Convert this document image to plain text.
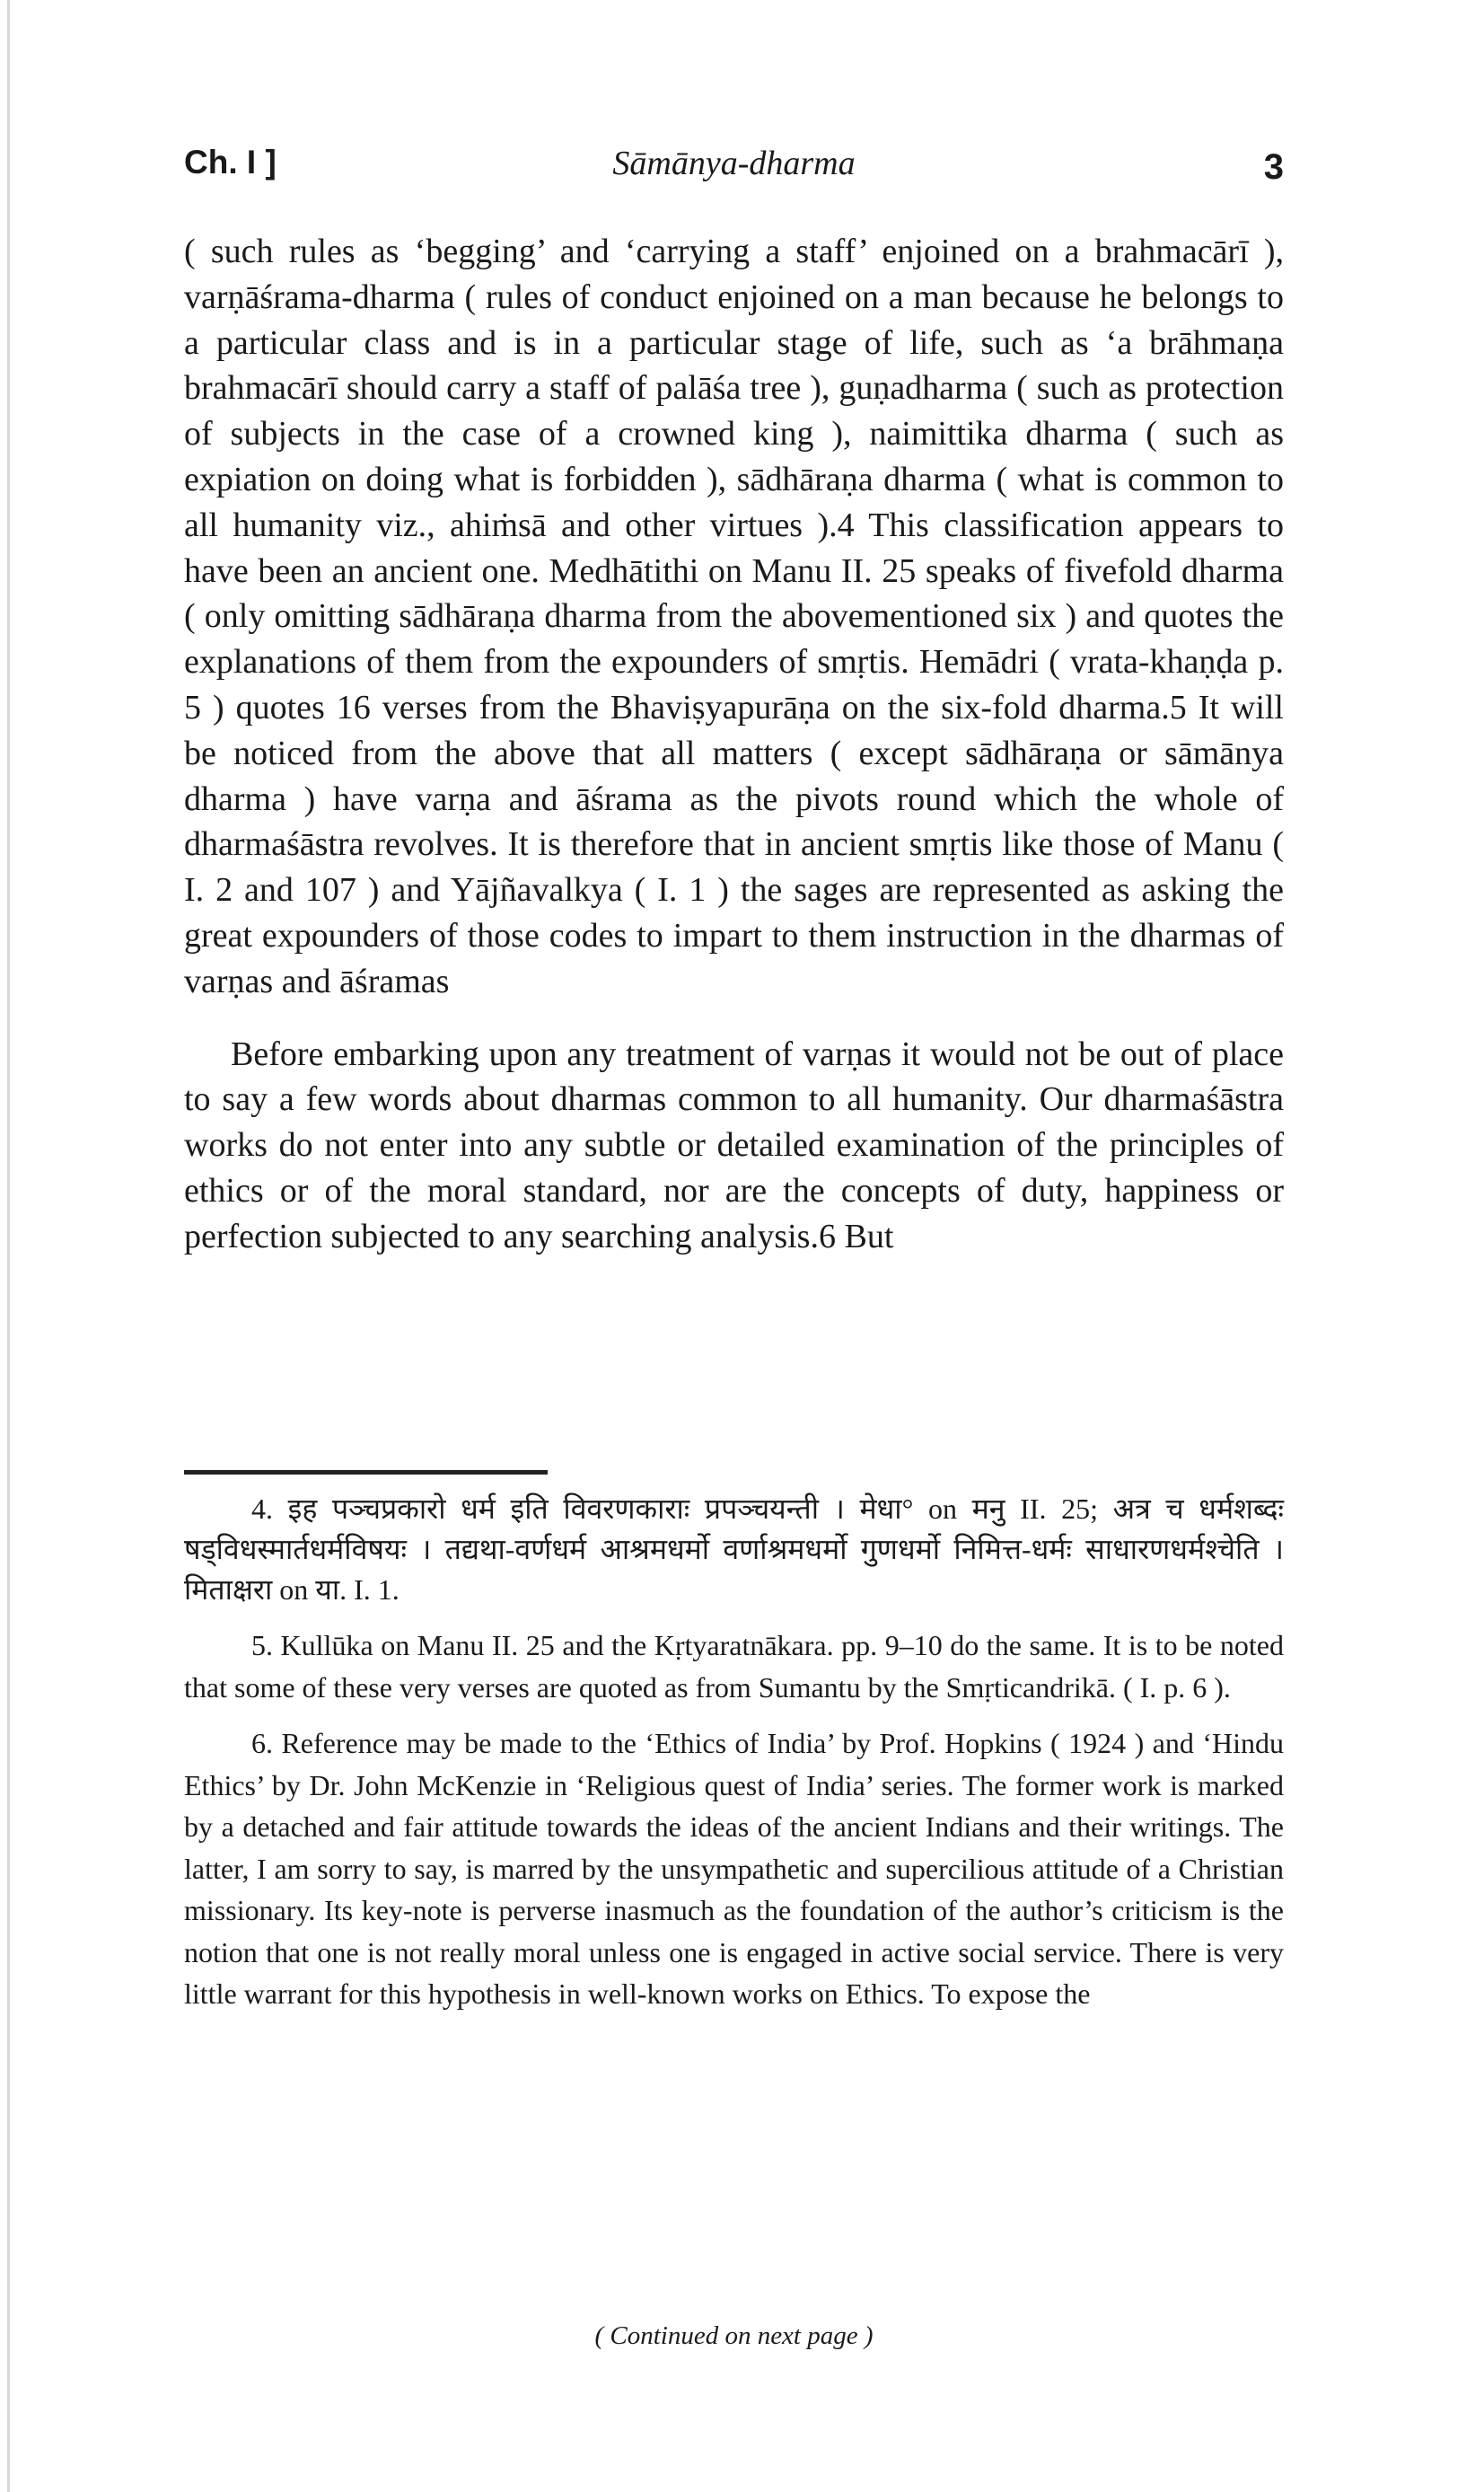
Ch. I ]	Sāmānya-dharma	3

( such rules as ‘begging’ and ‘carrying a staff’ enjoined on a brahmacārī ), varṇāśrama-dharma ( rules of conduct enjoined on a man because he belongs to a particular class and is in a particular stage of life, such as ‘a brāhmaṇa brahmacārī should carry a staff of palāśa tree ), guṇadharma ( such as protection of subjects in the case of a crowned king ), naimittika dharma ( such as expiation on doing what is forbidden ), sādhāraṇa dharma ( what is common to all humanity viz., ahiṁsā and other virtues ).4 This classification appears to have been an ancient one. Medhātithi on Manu II. 25 speaks of fivefold dharma ( only omitting sādhāraṇa dharma from the abovementioned six ) and quotes the explanations of them from the expounders of smṛtis. Hemādri ( vrata-khaṇḍa p. 5 ) quotes 16 verses from the Bhaviṣyapurāṇa on the six-fold dharma.5 It will be noticed from the above that all matters ( except sādhāraṇa or sāmānya dharma ) have varṇa and āśrama as the pivots round which the whole of dharmaśāstra revolves. It is therefore that in ancient smṛtis like those of Manu ( I. 2 and 107 ) and Yājñavalkya ( I. 1 ) the sages are represented as asking the great expounders of those codes to impart to them instruction in the dharmas of varṇas and āśramas

Before embarking upon any treatment of varṇas it would not be out of place to say a few words about dharmas common to all humanity. Our dharmaśāstra works do not enter into any subtle or detailed examination of the principles of ethics or of the moral standard, nor are the concepts of duty, happiness or perfection subjected to any searching analysis.6 But

4. इह पञ्चप्रकारो धर्म इति विवरणकाराः प्रपञ्चयन्ती । मेधा° on मनु II. 25; अत्र च धर्मशब्दः षड्विधस्मार्तधर्मविषयः । तद्यथा-वर्णधर्म आश्रमधर्मो वर्णाश्रमधर्मो गुणधर्मो निमित्त-धर्मः साधारणधर्मश्चेति । मिताक्षरा on या. I. 1.

5. Kullūka on Manu II. 25 and the Kṛtyaratnākara. pp. 9–10 do the same. It is to be noted that some of these very verses are quoted as from Sumantu by the Smṛticandrikā. ( I. p. 6 ).

6. Reference may be made to the ‘Ethics of India’ by Prof. Hopkins ( 1924 ) and ‘Hindu Ethics’ by Dr. John McKenzie in ‘Religious quest of India’ series. The former work is marked by a detached and fair attitude towards the ideas of the ancient Indians and their writings. The latter, I am sorry to say, is marred by the unsympathetic and supercilious attitude of a Christian missionary. Its key-note is perverse inasmuch as the foundation of the author’s criticism is the notion that one is not really moral unless one is engaged in active social service. There is very little warrant for this hypothesis in well-known works on Ethics. To expose the

( Continued on next page )
